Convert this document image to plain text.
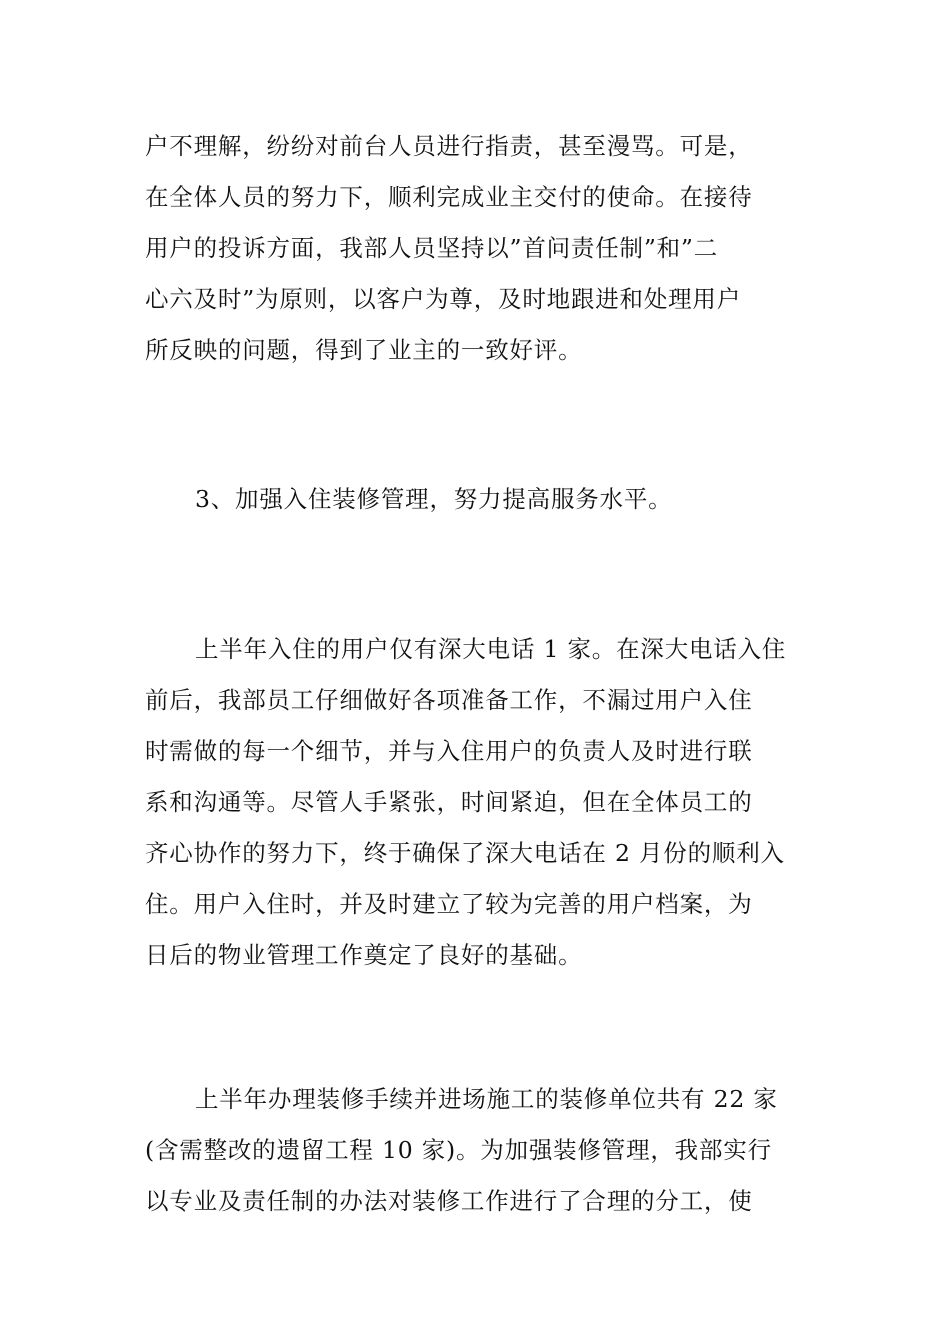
户不理解，纷纷对前台人员进行指责，甚至漫骂。可是，
在全体人员的努力下，顺利完成业主交付的使命。在接待
用户的投诉方面，我部人员坚持以”首问责任制”和”二
心六及时”为原则，以客户为尊，及时地跟进和处理用户
所反映的问题，得到了业主的一致好评。

3、加强入住装修管理，努力提高服务水平。

上半年入住的用户仅有深大电话 1 家。在深大电话入住
前后，我部员工仔细做好各项准备工作，不漏过用户入住
时需做的每一个细节，并与入住用户的负责人及时进行联
系和沟通等。尽管人手紧张，时间紧迫，但在全体员工的
齐心协作的努力下，终于确保了深大电话在 2 月份的顺利入
住。用户入住时，并及时建立了较为完善的用户档案，为
日后的物业管理工作奠定了良好的基础。

上半年办理装修手续并进场施工的装修单位共有 22 家
(含需整改的遗留工程 10 家)。为加强装修管理，我部实行
以专业及责任制的办法对装修工作进行了合理的分工，使
